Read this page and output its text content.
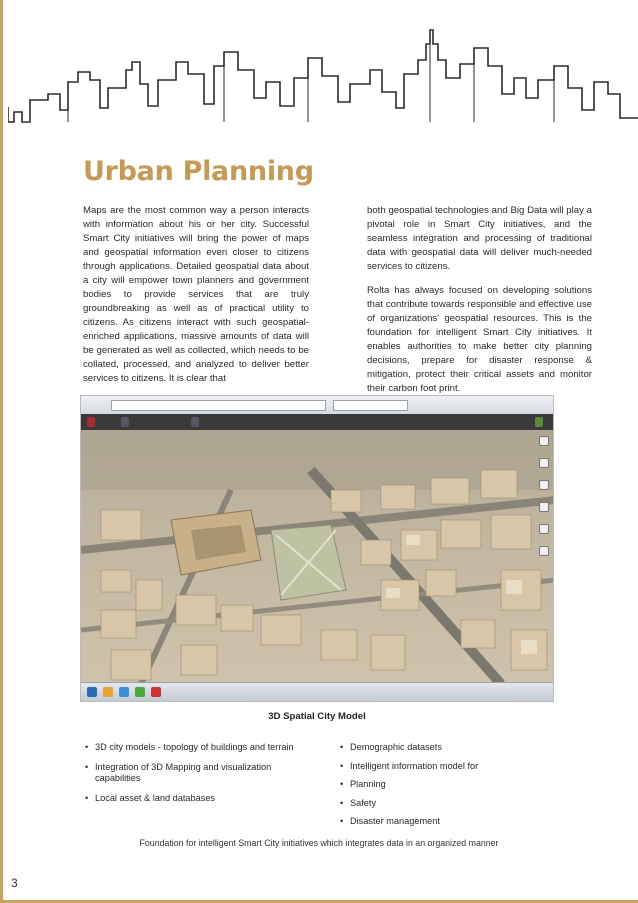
Urban Planning

Maps are the most common way a person interacts with information about his or her city. Successful Smart City initiatives will bring the power of maps and geospatial information even closer to citizens through applications. Detailed geospatial data about a city will empower town planners and government bodies to provide services that are truly groundbreaking as well as of practical utility to citizens. As citizens interact with such geospatial-enriched applications, massive amounts of data will be generated as well as collected, which needs to be collated, processed, and analyzed to deliver better services to citizens. It is clear that

both geospatial technologies and Big Data will play a pivotal role in Smart City initiatives, and the seamless integration and processing of traditional data with geospatial data will deliver much-needed services to citizens.

Rolta has always focused on developing solutions that contribute towards responsible and effective use of organizations' geospatial resources. This is the foundation for intelligent Smart City initiatives. It enables authorities to make better city planning decisions, prepare for disaster response & mitigation, protect their critical assets and monitor their carbon foot print.

3D Spatial City Model
• 3D city models - topology of buildings and terrain
• Integration of 3D Mapping and visualization capabilities
• Local asset & land databases
• Demographic datasets
• Intelligent information model for
• Planning
• Safety
• Disaster management
Foundation for intelligent Smart City initiatives which integrates data in an organized manner
3
